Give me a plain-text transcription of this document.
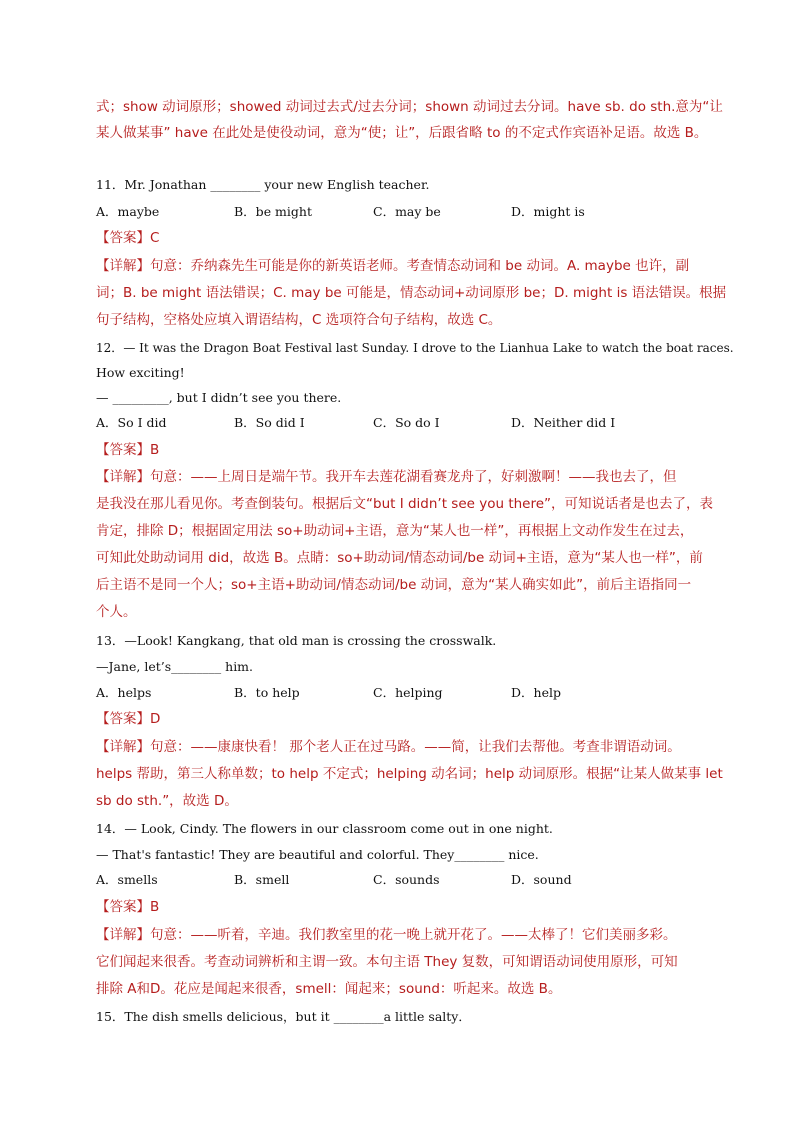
式；show 动词原形；showed 动词过去式/过去分词；shown 动词过去分词。have sb. do sth.意为“让
某人做某事” have 在此处是使役动词，意为“使；让”，后跟省略 to 的不定式作宾语补足语。故选 B。
11．Mr. Jonathan ________ your new English teacher.
A．maybe	B．be might	C．may be	D．might is
【答案】C
【详解】句意：乔纳森先生可能是你的新英语老师。考查情态动词和 be 动词。A. maybe 也许，副
词；B. be might 语法错误；C. may be 可能是，情态动词+动词原形 be；D. might is 语法错误。根据
句子结构，空格处应填入谓语结构，C 选项符合句子结构，故选 C。
12．— It was the Dragon Boat Festival last Sunday. I drove to the Lianhua Lake to watch the boat races.
How exciting!
— _________, but I didn’t see you there.
A．So I did	B．So did I	C．So do I	D．Neither did I
【答案】B
【详解】句意：——上周日是端午节。我开车去莲花湖看赛龙舟了，好刺激啊！——我也去了，但
是我没在那儿看见你。考查倒装句。根据后文“but I didn’t see you there”，可知说话者是也去了，表
肯定，排除 D；根据固定用法 so+助动词+主语，意为“某人也一样”，再根据上文动作发生在过去，
可知此处助动词用 did，故选 B。点睛：so+助动词/情态动词/be 动词+主语，意为“某人也一样”，前
后主语不是同一个人；so+主语+助动词/情态动词/be 动词，意为“某人确实如此”，前后主语指同一
个人。
13．—Look! Kangkang, that old man is crossing the crosswalk.
—Jane, let’s________ him.
A．helps	B．to help	C．helping	D．help
【答案】D
【详解】句意：——康康快看！ 那个老人正在过马路。——简，让我们去帮他。考查非谓语动词。
helps 帮助，第三人称单数；to help 不定式；helping 动名词；help 动词原形。根据“让某人做某事 let
sb do sth.”，故选 D。
14．— Look, Cindy. The flowers in our classroom come out in one night.
— That's fantastic! They are beautiful and colorful. They________ nice.
A．smells	B．smell	C．sounds	D．sound
【答案】B
【详解】句意：——听着，辛迪。我们教室里的花一晚上就开花了。——太棒了！它们美丽多彩。
它们闻起来很香。考查动词辨析和主谓一致。本句主语 They 复数，可知谓语动词使用原形，可知
排除 A和D。花应是闻起来很香，smell：闻起来；sound：听起来。故选 B。
15．The dish smells delicious，but it ________a little salty．
